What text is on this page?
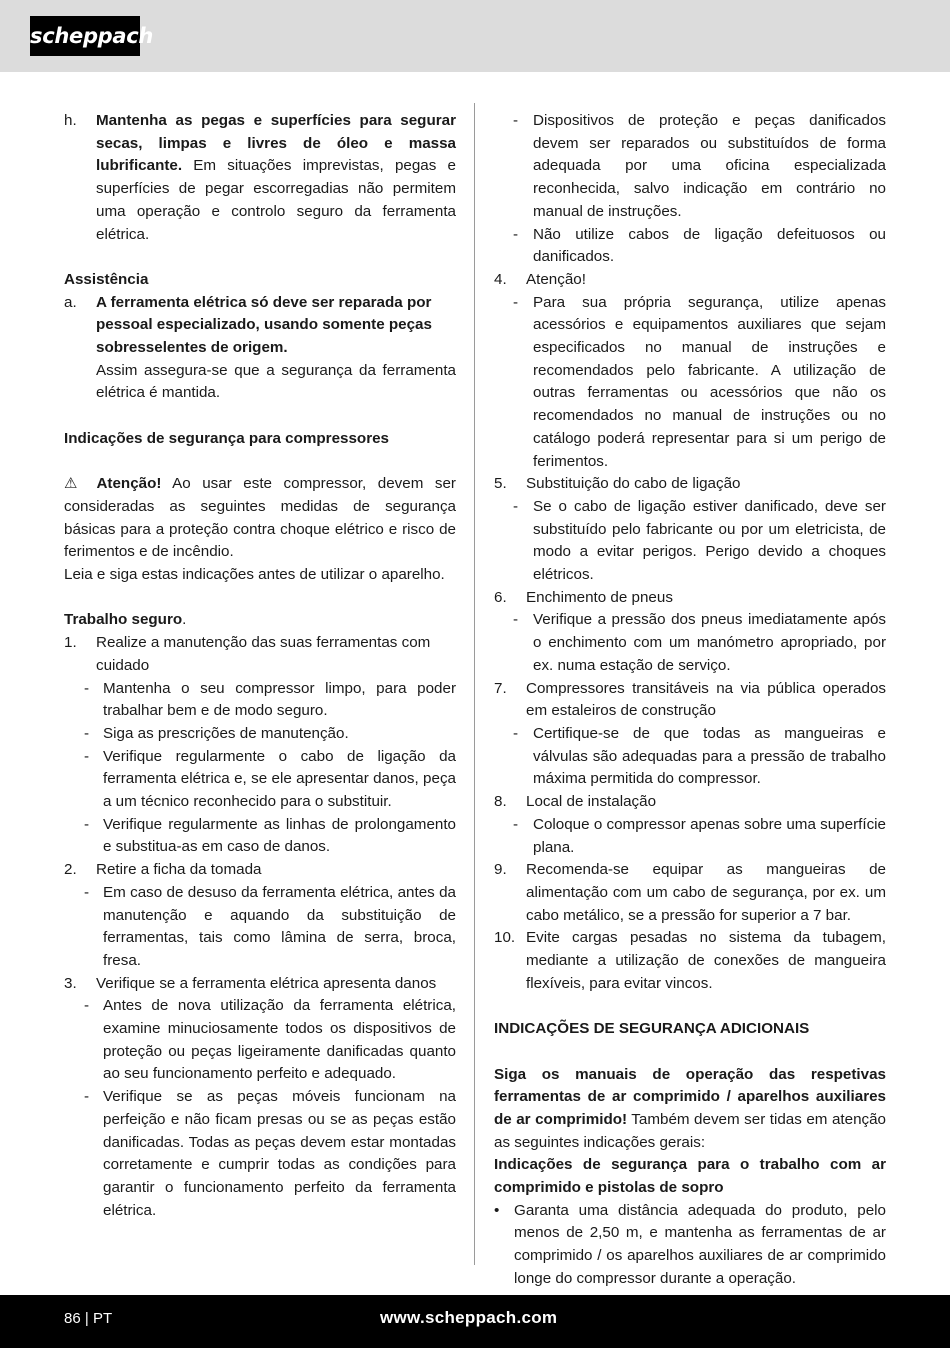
scheppach

h. Mantenha as pegas e superfícies para segurar secas, limpas e livres de óleo e massa lubrificante. Em situações imprevistas, pegas e superfícies de pegar escorregadias não permitem uma operação e controlo seguro da ferramenta elétrica.

Assistência

a. A ferramenta elétrica só deve ser reparada por pessoal especializado, usando somente peças sobresselentes de origem.

Assim assegura-se que a segurança da ferramenta elétrica é mantida.

Indicações de segurança para compressores

⚠ Atenção! Ao usar este compressor, devem ser consideradas as seguintes medidas de segurança básicas para a proteção contra choque elétrico e risco de ferimentos e de incêndio.

Leia e siga estas indicações antes de utilizar o aparelho.

Trabalho seguro.

1. Realize a manutenção das suas ferramentas com cuidado

- Mantenha o seu compressor limpo, para poder trabalhar bem e de modo seguro.

- Siga as prescrições de manutenção.

- Verifique regularmente o cabo de ligação da ferramenta elétrica e, se ele apresentar danos, peça a um técnico reconhecido para o substituir.

- Verifique regularmente as linhas de prolongamento e substitua-as em caso de danos.

2. Retire a ficha da tomada

- Em caso de desuso da ferramenta elétrica, antes da manutenção e aquando da substituição de ferramentas, tais como lâmina de serra, broca, fresa.

3. Verifique se a ferramenta elétrica apresenta danos

- Antes de nova utilização da ferramenta elétrica, examine minuciosamente todos os dispositivos de proteção ou peças ligeiramente danificadas quanto ao seu funcionamento perfeito e adequado.

- Verifique se as peças móveis funcionam na perfeição e não ficam presas ou se as peças estão danificadas. Todas as peças devem estar montadas corretamente e cumprir todas as condições para garantir o funcionamento perfeito da ferramenta elétrica.

- Dispositivos de proteção e peças danificados devem ser reparados ou substituídos de forma adequada por uma oficina especializada reconhecida, salvo indicação em contrário no manual de instruções.

- Não utilize cabos de ligação defeituosos ou danificados.

4. Atenção!

- Para sua própria segurança, utilize apenas acessórios e equipamentos auxiliares que sejam especificados no manual de instruções e recomendados pelo fabricante. A utilização de outras ferramentas ou acessórios que não os recomendados no manual de instruções ou no catálogo poderá representar para si um perigo de ferimentos.

5. Substituição do cabo de ligação

- Se o cabo de ligação estiver danificado, deve ser substituído pelo fabricante ou por um eletricista, de modo a evitar perigos. Perigo devido a choques elétricos.

6. Enchimento de pneus

- Verifique a pressão dos pneus imediatamente após o enchimento com um manómetro apropriado, por ex. numa estação de serviço.

7. Compressores transitáveis na via pública operados em estaleiros de construção

- Certifique-se de que todas as mangueiras e válvulas são adequadas para a pressão de trabalho máxima permitida do compressor.

8. Local de instalação

- Coloque o compressor apenas sobre uma superfície plana.

9. Recomenda-se equipar as mangueiras de alimentação com um cabo de segurança, por ex. um cabo metálico, se a pressão for superior a 7 bar.

10. Evite cargas pesadas no sistema da tubagem, mediante a utilização de conexões de mangueira flexíveis, para evitar vincos.

INDICAÇÕES DE SEGURANÇA ADICIONAIS

Siga os manuais de operação das respetivas ferramentas de ar comprimido / aparelhos auxiliares de ar comprimido! Também devem ser tidas em atenção as seguintes indicações gerais:

Indicações de segurança para o trabalho com ar comprimido e pistolas de sopro

• Garanta uma distância adequada do produto, pelo menos de 2,50 m, e mantenha as ferramentas de ar comprimido / os aparelhos auxiliares de ar comprimido longe do compressor durante a operação.

86 | PT	www.scheppach.com
